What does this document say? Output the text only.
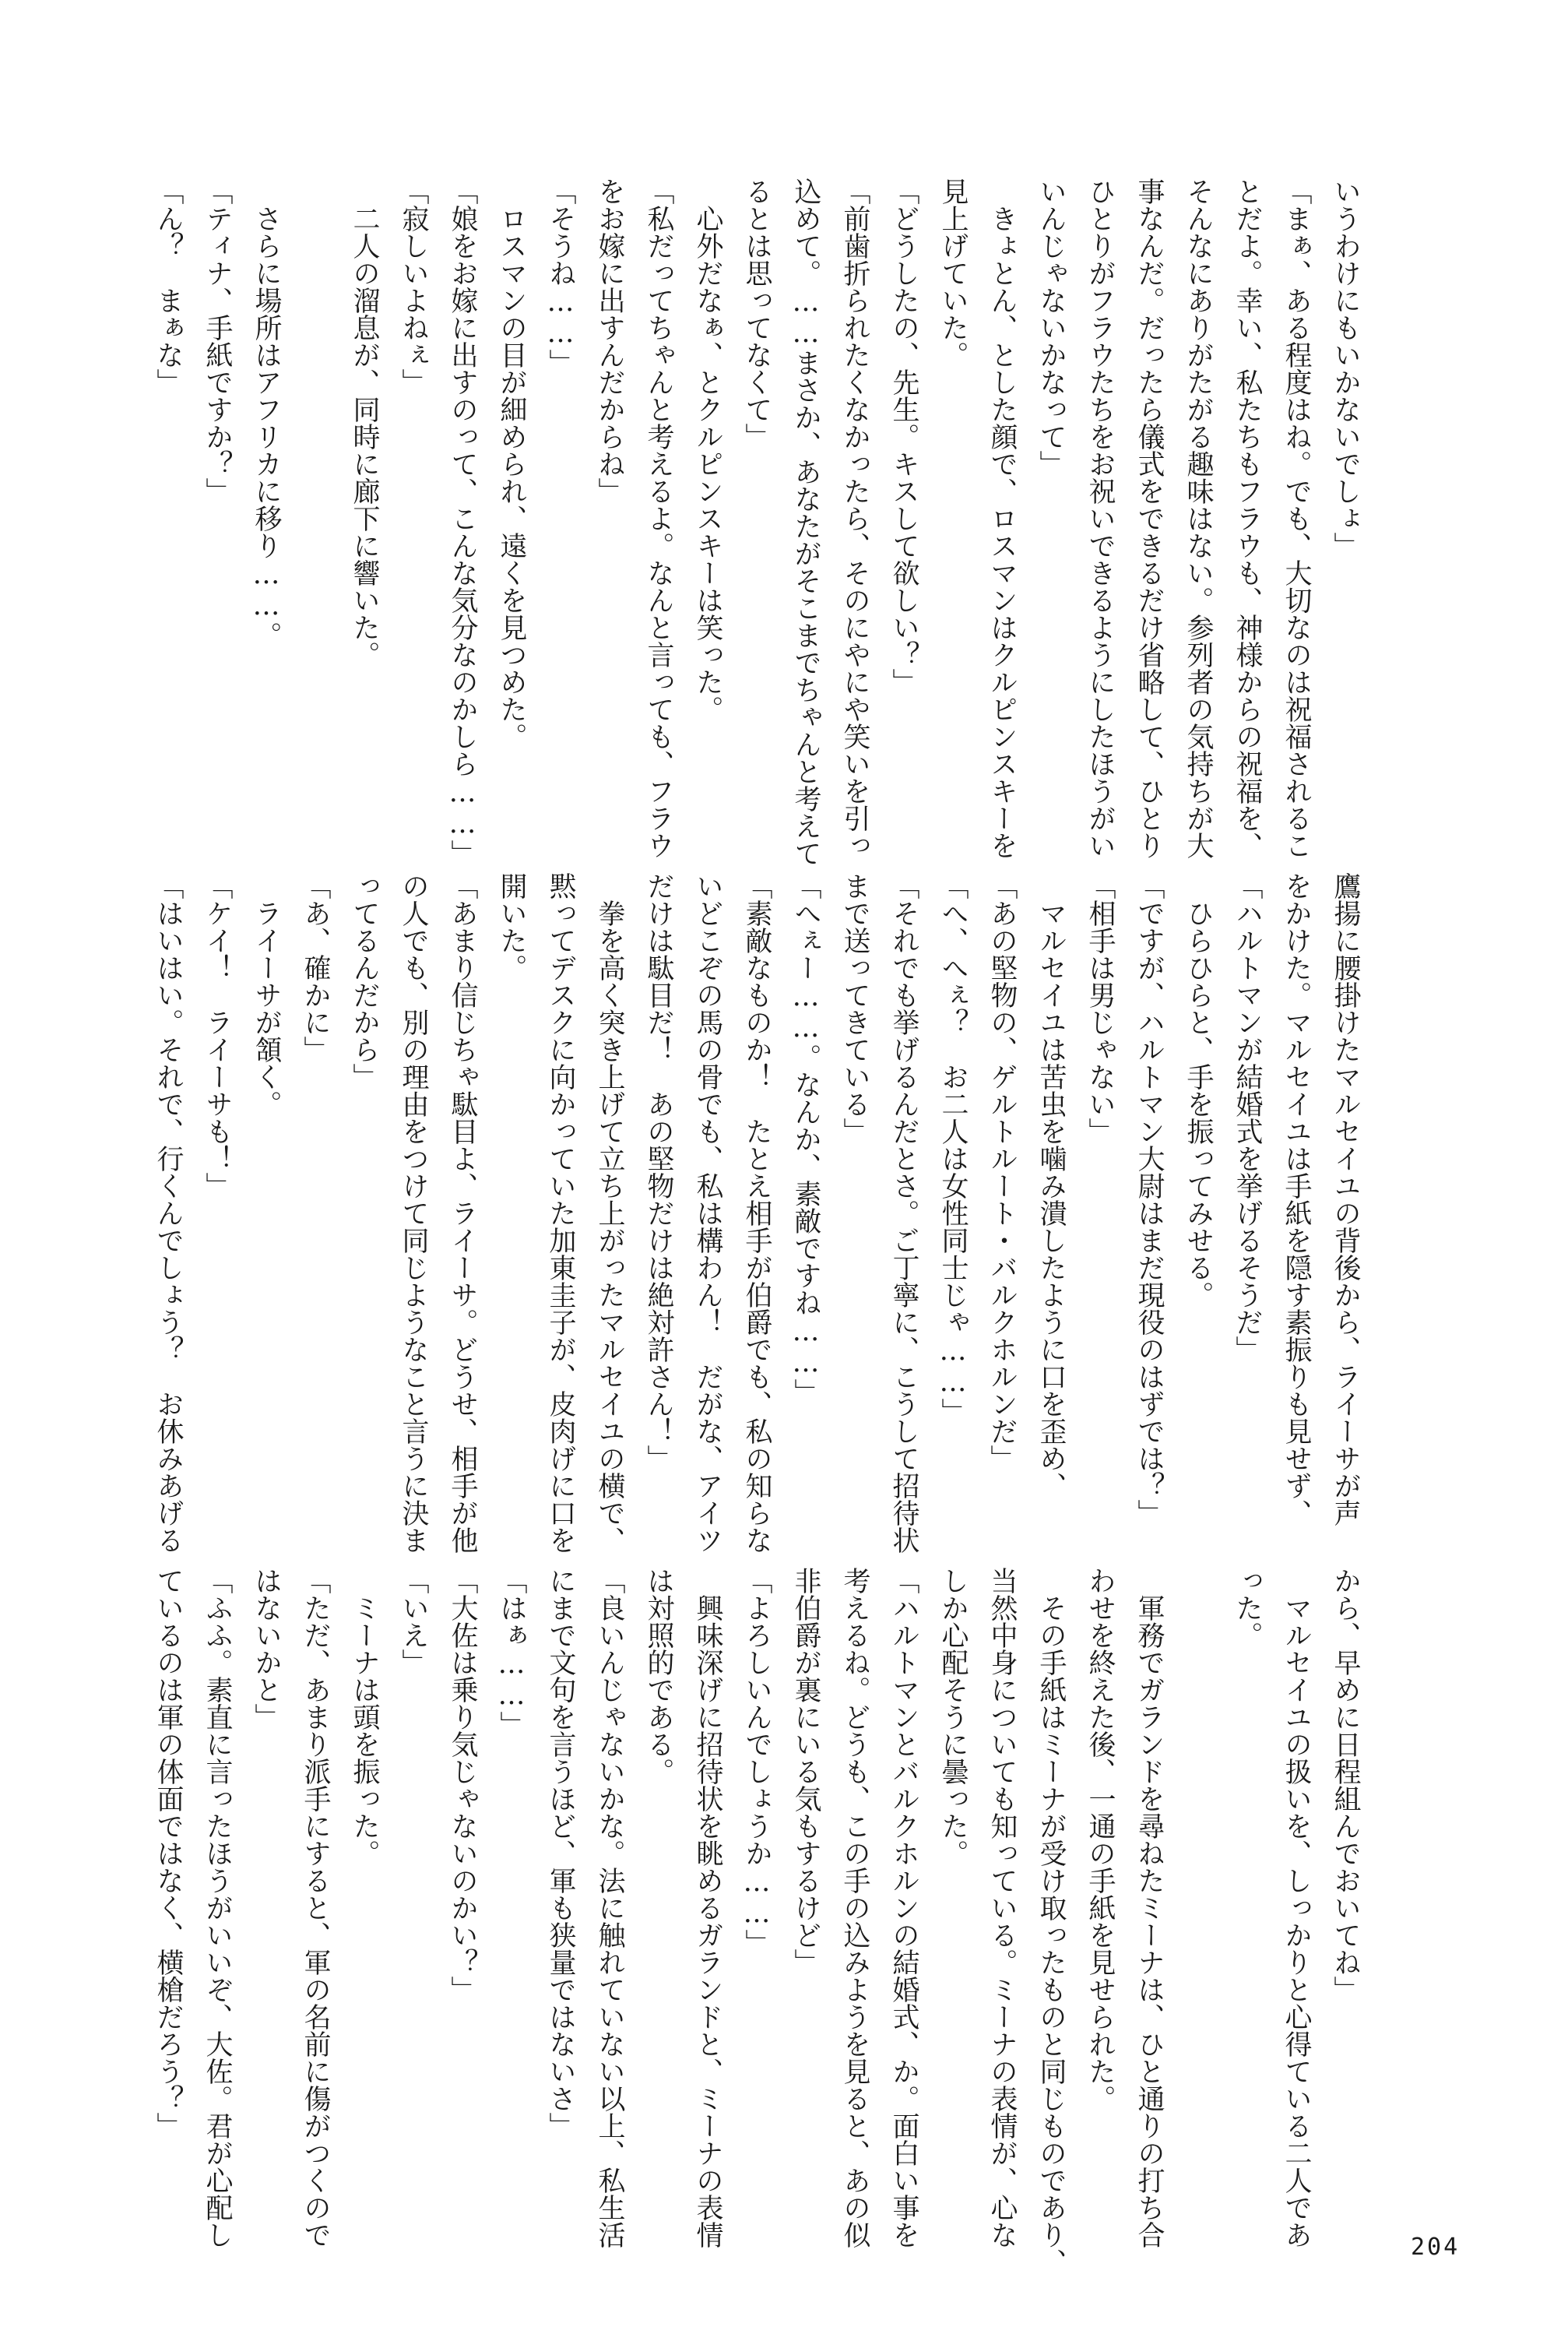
いうわけにもいかないでしょ」
「まぁ、ある程度はね。でも、大切なのは祝福されるこ
とだよ。幸い、私たちもフラウも、神様からの祝福を、
そんなにありがたがる趣味はない。参列者の気持ちが大
事なんだ。だったら儀式をできるだけ省略して、ひとり
ひとりがフラウたちをお祝いできるようにしたほうがい
いんじゃないかなって」
　きょとん、とした顔で、ロスマンはクルピンスキーを
見上げていた。
「どうしたの、先生。キスして欲しい？」
「前歯折られたくなかったら、そのにやにや笑いを引っ
込めて。……まさか、あなたがそこまでちゃんと考えて
るとは思ってなくて」
　心外だなぁ、とクルピンスキーは笑った。
「私だってちゃんと考えるよ。なんと言っても、フラウ
をお嫁に出すんだからね」
「そうね……」
　ロスマンの目が細められ、遠くを見つめた。
「娘をお嫁に出すのって、こんな気分なのかしら……」
「寂しいよねぇ」
　二人の溜息が、同時に廊下に響いた。

　さらに場所はアフリカに移り……。
「ティナ、手紙ですか？」
「ん？　まぁな」
鷹揚に腰掛けたマルセイユの背後から、ライーサが声
をかけた。マルセイユは手紙を隠す素振りも見せず、
「ハルトマンが結婚式を挙げるそうだ」
　ひらひらと、手を振ってみせる。
「ですが、ハルトマン大尉はまだ現役のはずでは？」
「相手は男じゃない」
　マルセイユは苦虫を噛み潰したように口を歪め、
「あの堅物の、ゲルトルート・バルクホルンだ」
「へ、へぇ？　お二人は女性同士じゃ……」
「それでも挙げるんだとさ。ご丁寧に、こうして招待状
まで送ってきている」
「へぇー……。なんか、素敵ですね……」
「素敵なものか！　たとえ相手が伯爵でも、私の知らな
いどこぞの馬の骨でも、私は構わん！　だがな、アイツ
だけは駄目だ！　あの堅物だけは絶対許さん！」
　拳を高く突き上げて立ち上がったマルセイユの横で、
黙ってデスクに向かっていた加東圭子が、皮肉げに口を
開いた。
「あまり信じちゃ駄目よ、ライーサ。どうせ、相手が他
の人でも、別の理由をつけて同じようなこと言うに決ま
ってるんだから」
「あ、確かに」
　ライーサが頷く。
「ケイ！　ライーサも！」
「はいはい。それで、行くんでしょう？　お休みあげる
から、早めに日程組んでおいてね」
　マルセイユの扱いを、しっかりと心得ている二人であ
った。

　軍務でガランドを尋ねたミーナは、ひと通りの打ち合
わせを終えた後、一通の手紙を見せられた。
　その手紙はミーナが受け取ったものと同じものであり、
当然中身についても知っている。ミーナの表情が、心な
しか心配そうに曇った。
「ハルトマンとバルクホルンの結婚式、か。面白い事を
考えるね。どうも、この手の込みようを見ると、あの似
非伯爵が裏にいる気もするけど」
「よろしいんでしょうか……」
　興味深げに招待状を眺めるガランドと、ミーナの表情
は対照的である。
「良いんじゃないかな。法に触れていない以上、私生活
にまで文句を言うほど、軍も狭量ではないさ」
「はぁ……」
「大佐は乗り気じゃないのかい？」
「いえ」
　ミーナは頭を振った。
「ただ、あまり派手にすると、軍の名前に傷がつくので
はないかと」
「ふふ。素直に言ったほうがいいぞ、大佐。君が心配し
ているのは軍の体面ではなく、横槍だろう？」
204
